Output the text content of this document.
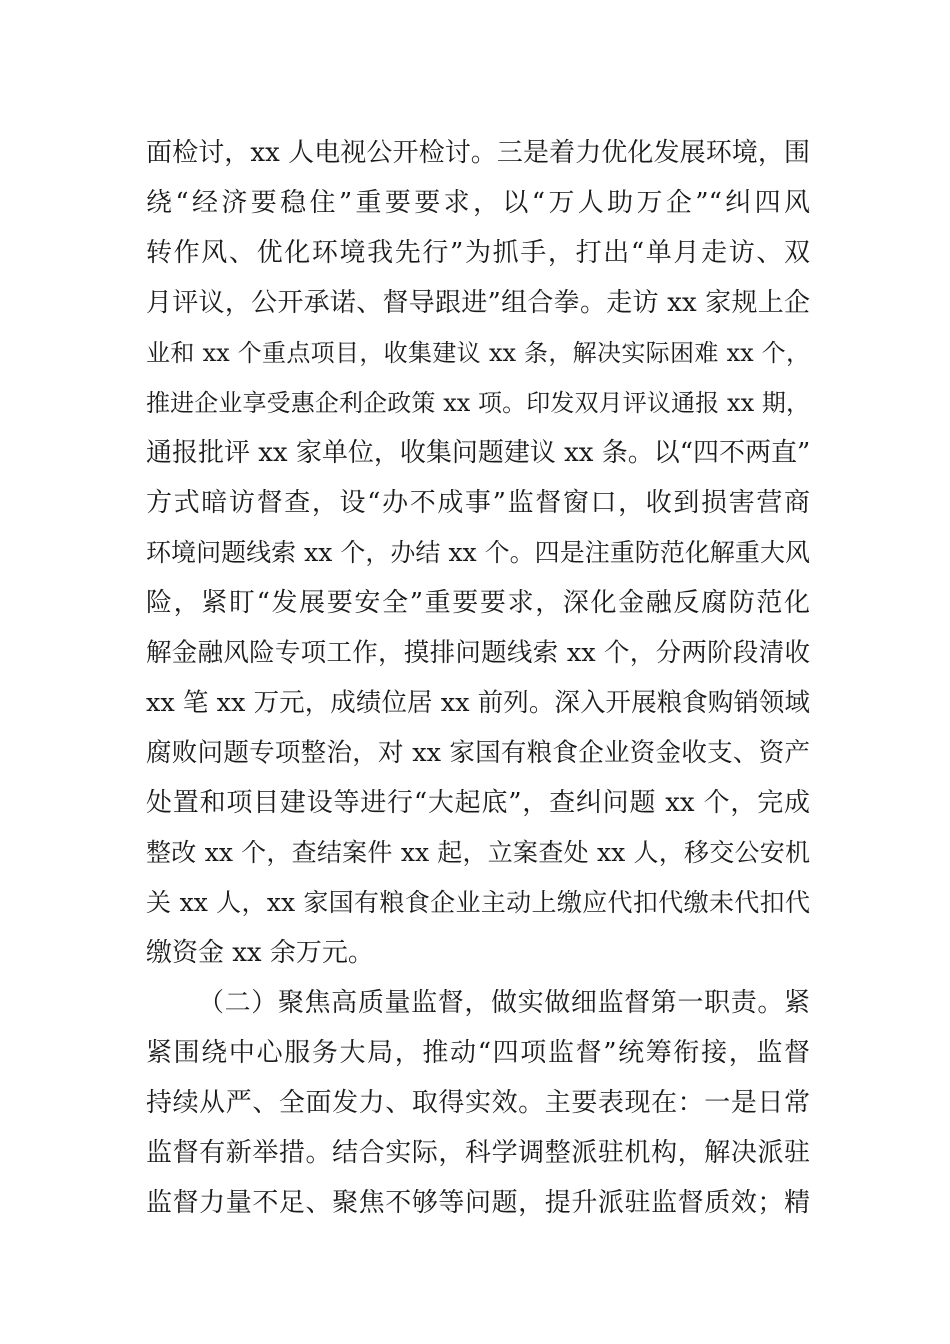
面检讨，xx 人电视公开检讨。三是着力优化发展环境，围
绕“经济要稳住”重要要求，以“万人助万企”“纠四风
转作风、优化环境我先行”为抓手，打出“单月走访、双
月评议，公开承诺、督导跟进”组合拳。走访 xx 家规上企
业和 xx 个重点项目，收集建议 xx 条，解决实际困难 xx 个，
推进企业享受惠企利企政策 xx 项。印发双月评议通报 xx 期，
通报批评 xx 家单位，收集问题建议 xx 条。以“四不两直”
方式暗访督查，设“办不成事”监督窗口，收到损害营商
环境问题线索 xx 个，办结 xx 个。四是注重防范化解重大风
险，紧盯“发展要安全”重要要求，深化金融反腐防范化
解金融风险专项工作，摸排问题线索 xx 个，分两阶段清收
xx 笔 xx 万元，成绩位居 xx 前列。深入开展粮食购销领域
腐败问题专项整治，对 xx 家国有粮食企业资金收支、资产
处置和项目建设等进行“大起底”，查纠问题 xx 个，完成
整改 xx 个，查结案件 xx 起，立案查处 xx 人，移交公安机
关 xx 人，xx 家国有粮食企业主动上缴应代扣代缴未代扣代
缴资金 xx 余万元。
（二）聚焦高质量监督，做实做细监督第一职责。紧
紧围绕中心服务大局，推动“四项监督”统筹衔接，监督
持续从严、全面发力、取得实效。主要表现在：一是日常
监督有新举措。结合实际，科学调整派驻机构，解决派驻
监督力量不足、聚焦不够等问题，提升派驻监督质效；精
